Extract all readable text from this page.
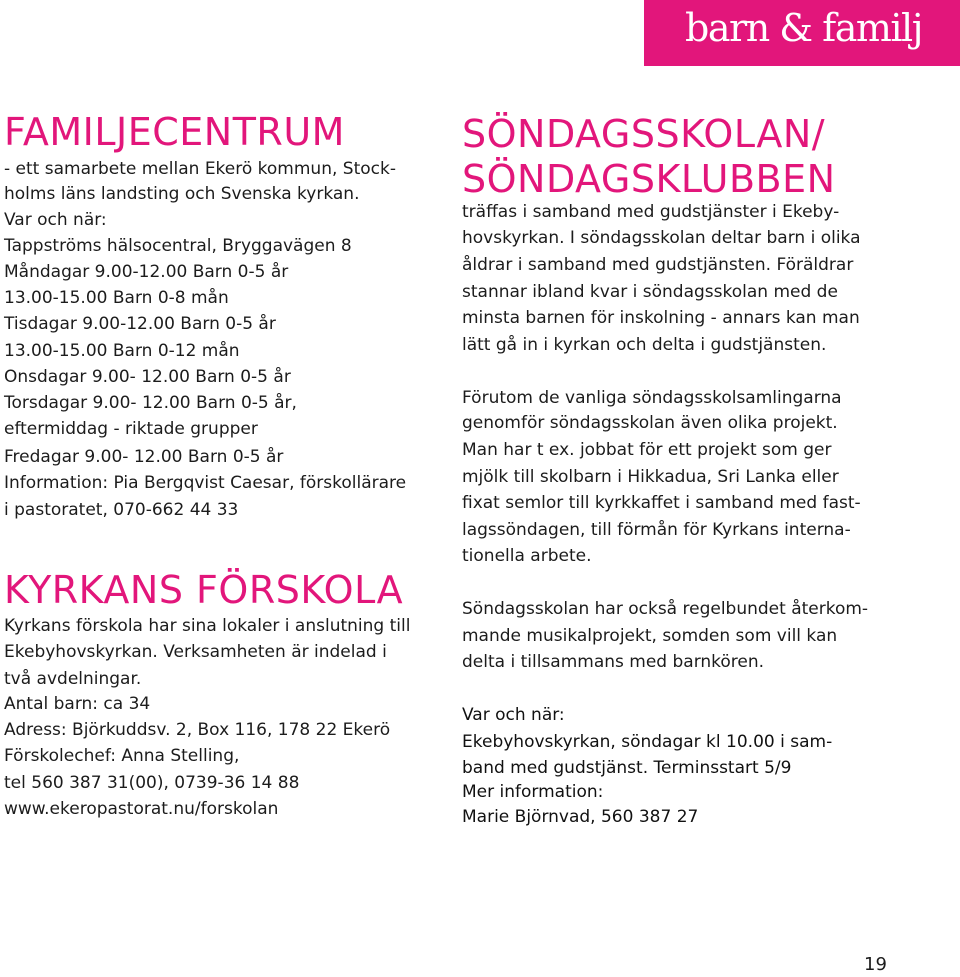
barn & familj
FAMILJECENTRUM
- ett samarbete mellan Ekerö kommun, Stock-
holms läns landsting och Svenska kyrkan.
Var och när:
Tappströms hälsocentral, Bryggavägen 8
Måndagar 9.00-12.00 Barn 0-5 år
13.00-15.00 Barn 0-8 mån
Tisdagar 9.00-12.00 Barn 0-5 år
13.00-15.00 Barn 0-12 mån
Onsdagar 9.00- 12.00 Barn 0-5 år
Torsdagar 9.00- 12.00 Barn 0-5 år,
eftermiddag - riktade grupper
Fredagar 9.00- 12.00 Barn 0-5 år
Information: Pia Bergqvist Caesar, förskollärare
i pastoratet, 070-662 44 33
KYRKANS FÖRSKOLA
Kyrkans förskola har sina lokaler i anslutning till
Ekebyhovskyrkan. Verksamheten är indelad i
två avdelningar.
Antal barn: ca 34
Adress: Björkuddsv. 2, Box 116, 178 22 Ekerö
Förskolechef: Anna Stelling,
tel 560 387 31(00), 0739-36 14 88
www.ekeropastorat.nu/forskolan
SÖNDAGSSKOLAN/
SÖNDAGSKLUBBEN
träffas i samband med gudstjänster i Ekeby-
hovskyrkan. I söndagsskolan deltar barn i olika
åldrar i samband med gudstjänsten. Föräldrar
stannar ibland kvar i söndagsskolan med de
minsta barnen för inskolning - annars kan man
lätt gå in i kyrkan och delta i gudstjänsten.
Förutom de vanliga söndagsskolsamlingarna
genomför söndagsskolan även olika projekt.
Man har t ex. jobbat för ett projekt som ger
mjölk till skolbarn i Hikkadua, Sri Lanka eller
fixat semlor till kyrkkaffet i samband med fast-
lagssöndagen, till förmån för Kyrkans interna-
tionella arbete.
Söndagsskolan har också regelbundet återkom-
mande musikalprojekt, somden som vill kan
delta i tillsammans med barnkören.
Var och när:
Ekebyhovskyrkan, söndagar kl 10.00 i sam-
band med gudstjänst. Terminsstart 5/9
Mer information:
Marie Björnvad, 560 387 27
19
